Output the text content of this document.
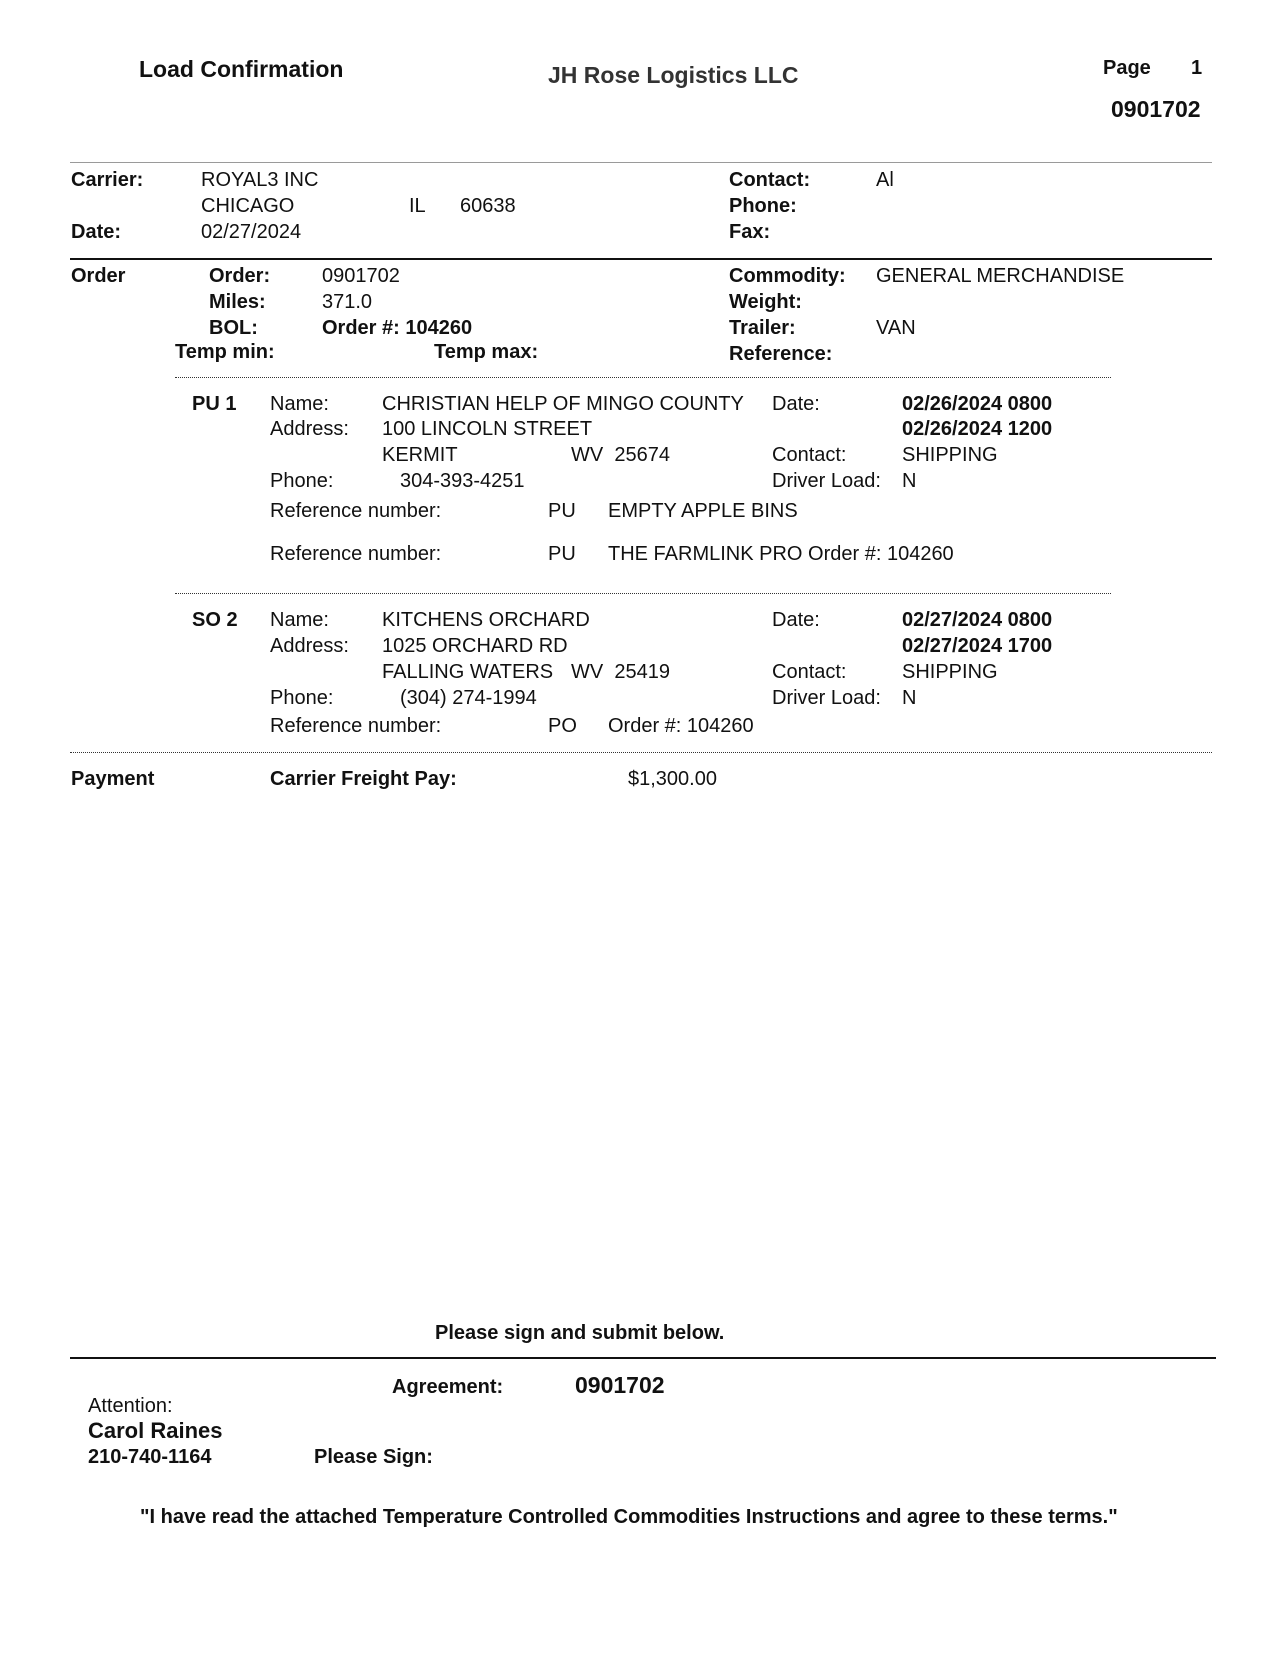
Load Confirmation	JH Rose Logistics LLC	Page 1
0901702
Carrier:	ROYAL3 INC
CHICAGO	IL 60638
Date:	02/27/2024
Contact:	Al
Phone:
Fax:
Order	Order:	0901702
Miles:	371.0
BOL:	Order #: 104260
Temp min:	Temp max:
Commodity: GENERAL MERCHANDISE
Weight:
Trailer:	VAN
Reference:
PU 1 Name:	CHRISTIAN HELP OF MINGO COUNTY
Address: 100 LINCOLN STREET
KERMIT	WV  25674
Phone:	304-393-4251
Date:	02/26/2024 0800
02/26/2024 1200
Contact:	SHIPPING
Driver Load: N
Reference number:	PU EMPTY APPLE BINS
Reference number:	PU THE FARMLINK PRO Order #: 104260
SO 2 Name:	KITCHENS ORCHARD
Address: 1025 ORCHARD RD
FALLING WATERS WV  25419
Phone:	(304) 274-1994
Date:	02/27/2024 0800
02/27/2024 1700
Contact:	SHIPPING
Driver Load: N
Reference number:	PO Order #: 104260
Payment	Carrier Freight Pay:	$1,300.00
Please sign and submit below.
Agreement:	0901702
Attention:
Carol Raines
210-740-1164	Please Sign:
"I have read the attached Temperature Controlled Commodities Instructions and agree to these terms."
